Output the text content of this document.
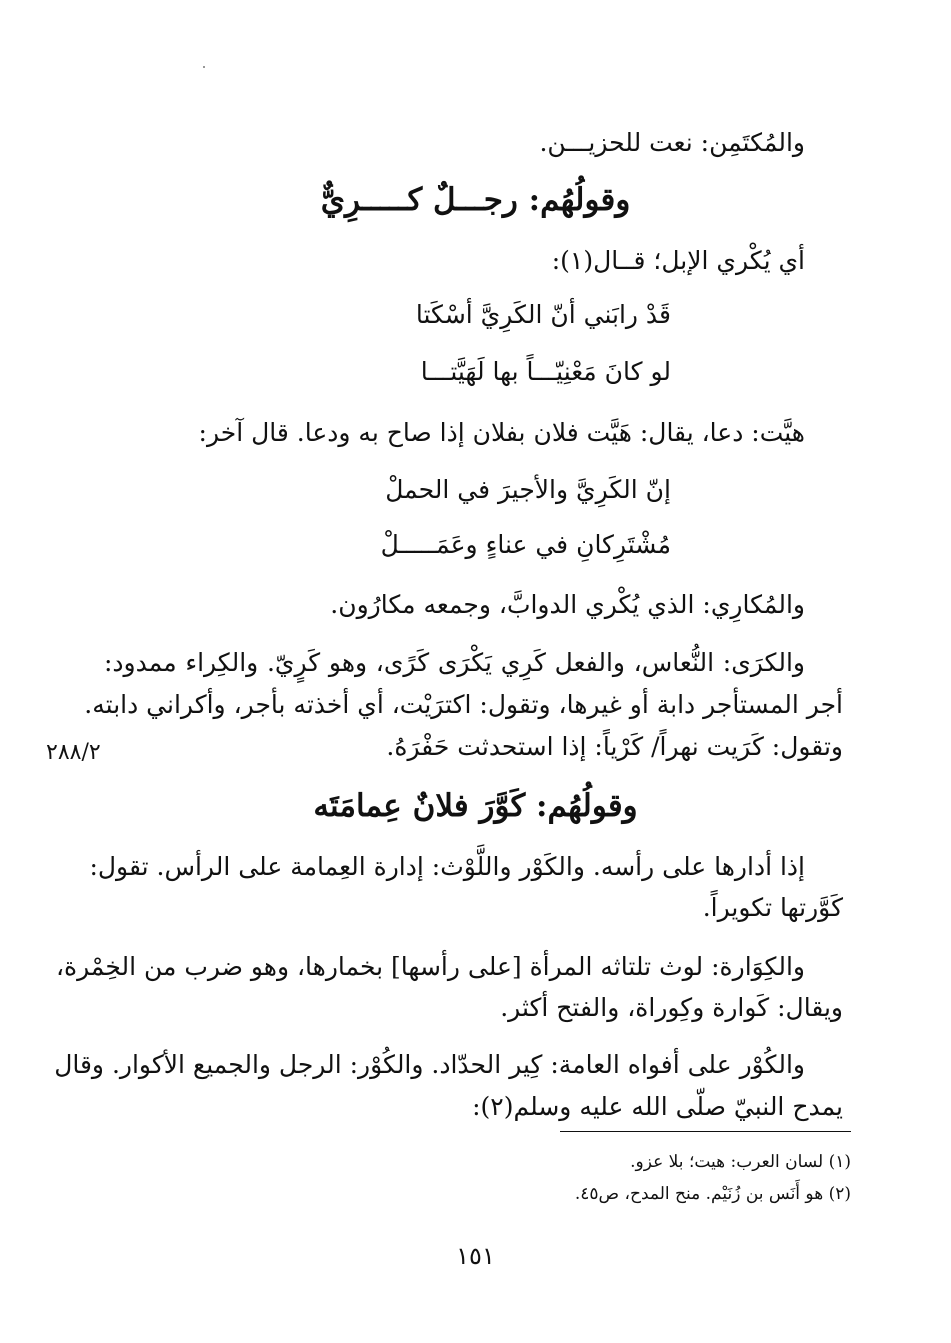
والمُكتَمِن: نعت للحزيـــن.
وقولُهُم: رجـــلٌ كـــــرِيٌّ
أي يُكْري الإبل؛ قــال(١):
قَدْ رابَني أنّ الكَرِيَّ أسْكَتا
لو كانَ مَعْنِيّـــاً بها لَهَيَّتـــا
هيَّت: دعا، يقال: هَيَّت فلان بفلان إذا صاح به ودعا. قال آخر:
إنّ الكَرِيَّ والأجيرَ في الحملْ
مُشْتَرِكانِ في عناءٍ وعَمَـــــلْ
والمُكارِي: الذي يُكْري الدوابَّ، وجمعه مكارُون.
والكرَى: النُّعاس، والفعل كَرِي يَكْرَى كَرًى، وهو كَرٍيّ. والكِراء ممدود:
أجر المستأجر دابة أو غيرها، وتقول: اكترَيْت، أي أخذته بأجر، وأكراني دابته.
وتقول: كَرَيت نهراً/ كَرْياً: إذا استحدثت حَفْرَهُ.
٢٨٨/٢
وقولُهُم: كَوَّرَ فلانٌ عِمامَتَه
إذا أدارها على رأسه. والكَوْر واللَّوْث: إدارة العِمامة على الرأس. تقول:
كَوَّرتها تكويراً.
والكِوَارة: لوث تلتاثه المرأة [على رأسها] بخمارها، وهو ضرب من الخِمْرة،
ويقال: كَوارة وكِوراة، والفتح أكثر.
والكُوْر على أفواه العامة: كِير الحدّاد. والكُوْر: الرجل والجميع الأكوار. وقال
يمدح النبيّ صلّى الله عليه وسلم(٢):
(١) لسان العرب: هيت؛ بلا عزو.
(٢) هو أَنَس بن زُنَيْم. منح المدح، ص٤٥.
١٥١
